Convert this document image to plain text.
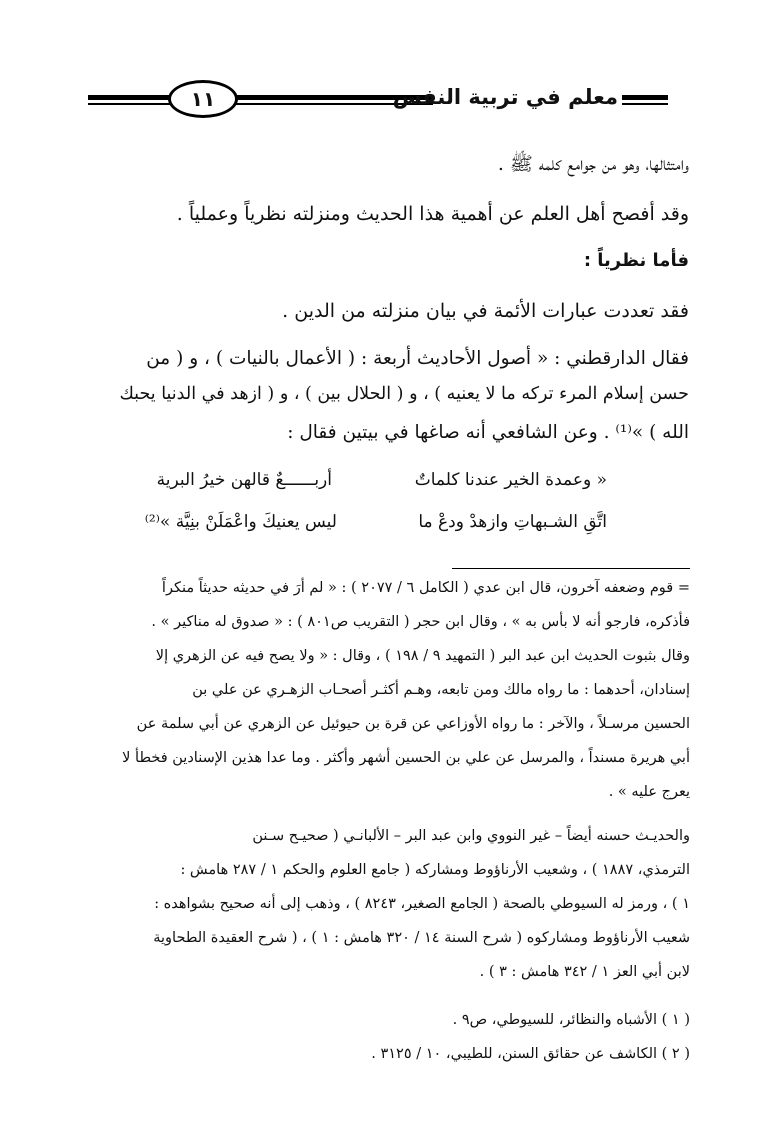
١١	معلم في تربية النفس
وامتثالها، وهو من جوامع كلمه ﷺ .
وقد أفصح أهل العلم عن أهمية هذا الحديث ومنزلته نظرياً وعملياً .
فأما نظرياً :
فقد تعددت عبارات الأئمة في بيان منزلته من الدين .
فقال الدارقطني : « أصول الأحاديث أربعة : ( الأعمال بالنيات ) ، و ( من
حسن إسلام المرء تركه ما لا يعنيه ) ، و ( الحلال بين ) ، و ( ازهد في الدنيا يحبك
الله ) »⁽¹⁾ . وعن الشافعي أنه صاغها في بيتين فقال :
« وعمدة الخير عندنا كلماتٌ
أربــــــعٌ قالهن خيرُ البرية
اتَّقِ الشـبهاتِ وازهدْ ودعْ ما
ليس يعنيكَ واعْمَلَنْ بنِيَّة »⁽²⁾
= قوم وضعفه آخرون، قال ابن عدي ( الكامل ٦ / ٢٠٧٧ ) : « لم أرَ في حديثه حديثاً منكراً
فأذكره، فارجو أنه لا بأس به » ، وقال ابن حجر ( التقريب ص٨٠١ ) : « صدوق له مناكير » .
وقال بثبوت الحديث ابن عبد البر ( التمهيد ٩ / ١٩٨ ) ، وقال : « ولا يصح فيه عن الزهري إلا
إسنادان، أحدهما : ما رواه مالك ومن تابعه، وهـم أكثـر أصحـاب الزهـري عن علي بن
الحسين مرسـلاً ، والآخر : ما رواه الأوزاعي عن قرة بن حيوئيل عن الزهري عن أبي سلمة عن
أبي هريرة مسنداً ، والمرسل عن علي بن الحسين أشهر وأكثر . وما عدا هذين الإسنادين فخطأ لا
يعرج عليه » .
والحديـث حسنه أيضاً – غير النووي وابن عبد البر – الألبانـي ( صحيـح سـنن
الترمذي، ١٨٨٧ ) ، وشعيب الأرناؤوط ومشاركه ( جامع العلوم والحكم ١ / ٢٨٧ هامش :
١ ) ، ورمز له السيوطي بالصحة ( الجامع الصغير، ٨٢٤٣ ) ، وذهب إلى أنه صحيح بشواهده :
شعيب الأرناؤوط ومشاركوه ( شرح السنة ١٤ / ٣٢٠ هامش : ١ ) ، ( شرح العقيدة الطحاوية
لابن أبي العز ١ / ٣٤٢ هامش : ٣ ) .
( ١ ) الأشباه والنظائر، للسيوطي، ص٩ .
( ٢ ) الكاشف عن حقائق السنن، للطيبي، ١٠ / ٣١٢٥ .
